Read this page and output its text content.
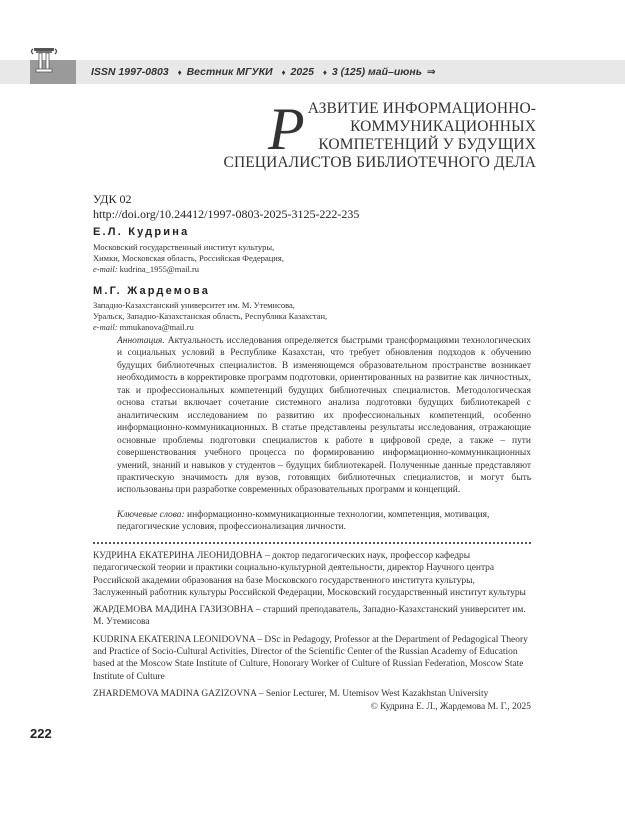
ISSN 1997-0803 ♦ Вестник МГУКИ ♦ 2025 ♦ 3 (125) май–июнь ⇒
Р АЗВИТИЕ ИНФОРМАЦИОННО-
КОММУНИКАЦИОННЫХ
КОМПЕТЕНЦИЙ У БУДУЩИХ
СПЕЦИАЛИСТОВ БИБЛИОТЕЧНОГО ДЕЛА
УДК 02
http://doi.org/10.24412/1997-0803-2025-3125-222-235
Е.Л. Кудрина
Московский государственный институт культуры,
Химки, Московская область, Российская Федерация,
e-mail: kudrina_1955@mail.ru
М.Г. Жардемова
Западно-Казахстанский университет им. М. Утемисова,
Уральск, Западно-Казахстанская область, Республика Казахстан,
e-mail: mmukanova@mail.ru
Аннотация. Актуальность исследования определяется быстрыми трансформациями технологических и социальных условий в Республике Казахстан, что требует обновления подходов к обучению будущих библиотечных специалистов. В изменяющемся образовательном пространстве возникает необходимость в корректировке программ подготовки, ориентированных на развитие как личностных, так и профессиональных компетенций будущих библиотечных специалистов. Методологическая основа статьи включает сочетание системного анализа подготовки будущих библиотекарей с аналитическим исследованием по развитию их профессиональных компетенций, особенно информационно-коммуникационных. В статье представлены результаты исследования, отражающие основные проблемы подготовки специалистов к работе в цифровой среде, а также – пути совершенствования учебного процесса по формированию информационно-коммуникационных умений, знаний и навыков у студентов – будущих библиотекарей. Полученные данные представляют практическую значимость для вузов, готовящих библиотечных специалистов, и могут быть использованы при разработке современных образовательных программ и концепций.
Ключевые слова: информационно-коммуникационные технологии, компетенция, мотивация, педагогические условия, профессионализация личности.
КУДРИНА ЕКАТЕРИНА ЛЕОНИДОВНА – доктор педагогических наук, профессор кафедры педагогической теории и практики социально-культурной деятельности, директор Научного центра Российской академии образования на базе Московского государственного института культуры, Заслуженный работник культуры Российской Федерации, Московский государственный институт культуры
ЖАРДЕМОВА МАДИНА ГАЗИЗОВНА – старший преподаватель, Западно-Казахстанский университет им. М. Утемисова
KUDRINA EKATERINA LEONIDOVNA – DSc in Pedagogy, Professor at the Department of Pedagogical Theory and Practice of Socio-Cultural Activities, Director of the Scientific Center of the Russian Academy of Education based at the Moscow State Institute of Culture, Honorary Worker of Culture of Russian Federation, Moscow State Institute of Culture
ZHARDEMOVA MADINA GAZIZOVNA – Senior Lecturer, M. Utemisov West Kazakhstan University
© Кудрина Е. Л., Жардемова М. Г., 2025
222
